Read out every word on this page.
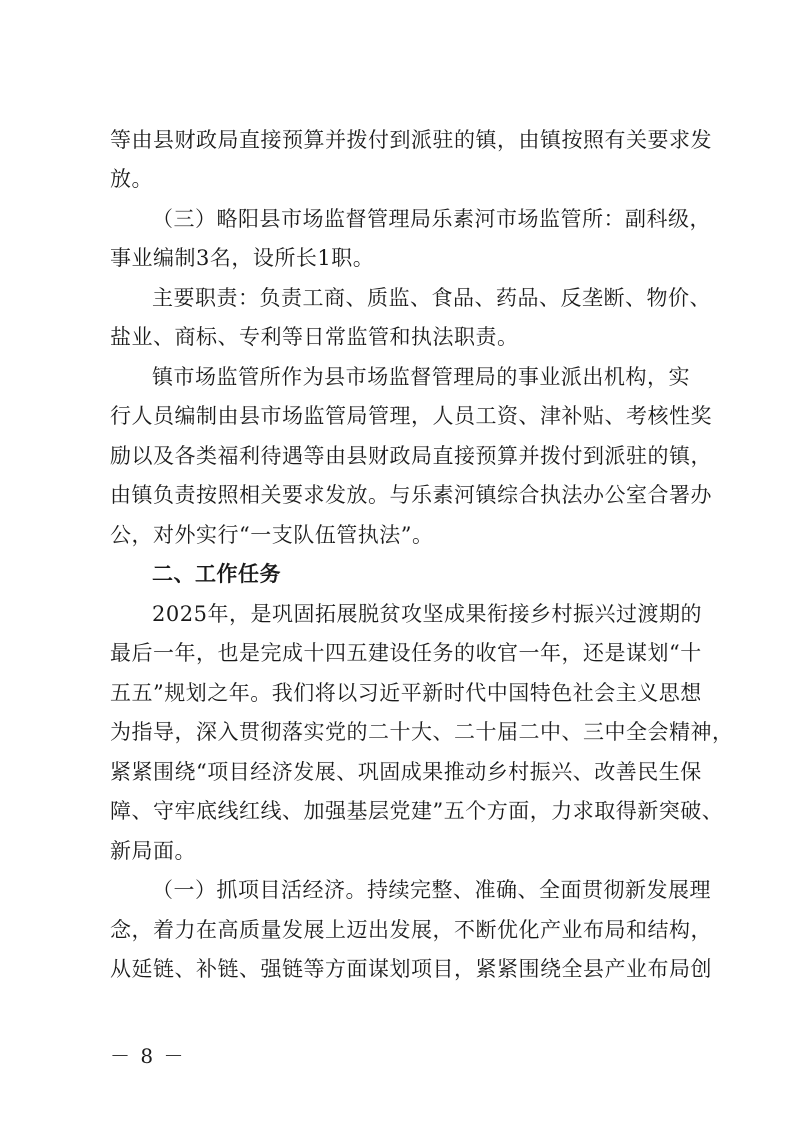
等由县财政局直接预算并拨付到派驻的镇，由镇按照有关要求发
放。
（三）略阳县市场监督管理局乐素河市场监管所：副科级，
事业编制3名，设所长1职。
主要职责：负责工商、质监、食品、药品、反垄断、物价、
盐业、商标、专利等日常监管和执法职责。
镇市场监管所作为县市场监督管理局的事业派出机构，实
行人员编制由县市场监管局管理，人员工资、津补贴、考核性奖
励以及各类福利待遇等由县财政局直接预算并拨付到派驻的镇，
由镇负责按照相关要求发放。与乐素河镇综合执法办公室合署办
公，对外实行“一支队伍管执法”。
二、工作任务
2025年，是巩固拓展脱贫攻坚成果衔接乡村振兴过渡期的
最后一年，也是完成十四五建设任务的收官一年，还是谋划“十
五五”规划之年。我们将以习近平新时代中国特色社会主义思想
为指导，深入贯彻落实党的二十大、二十届二中、三中全会精神，
紧紧围绕“项目经济发展、巩固成果推动乡村振兴、改善民生保
障、守牢底线红线、加强基层党建”五个方面，力求取得新突破、
新局面。
（一）抓项目活经济。持续完整、准确、全面贯彻新发展理
念，着力在高质量发展上迈出发展，不断优化产业布局和结构，
从延链、补链、强链等方面谋划项目，紧紧围绕全县产业布局创
－ 8 －
